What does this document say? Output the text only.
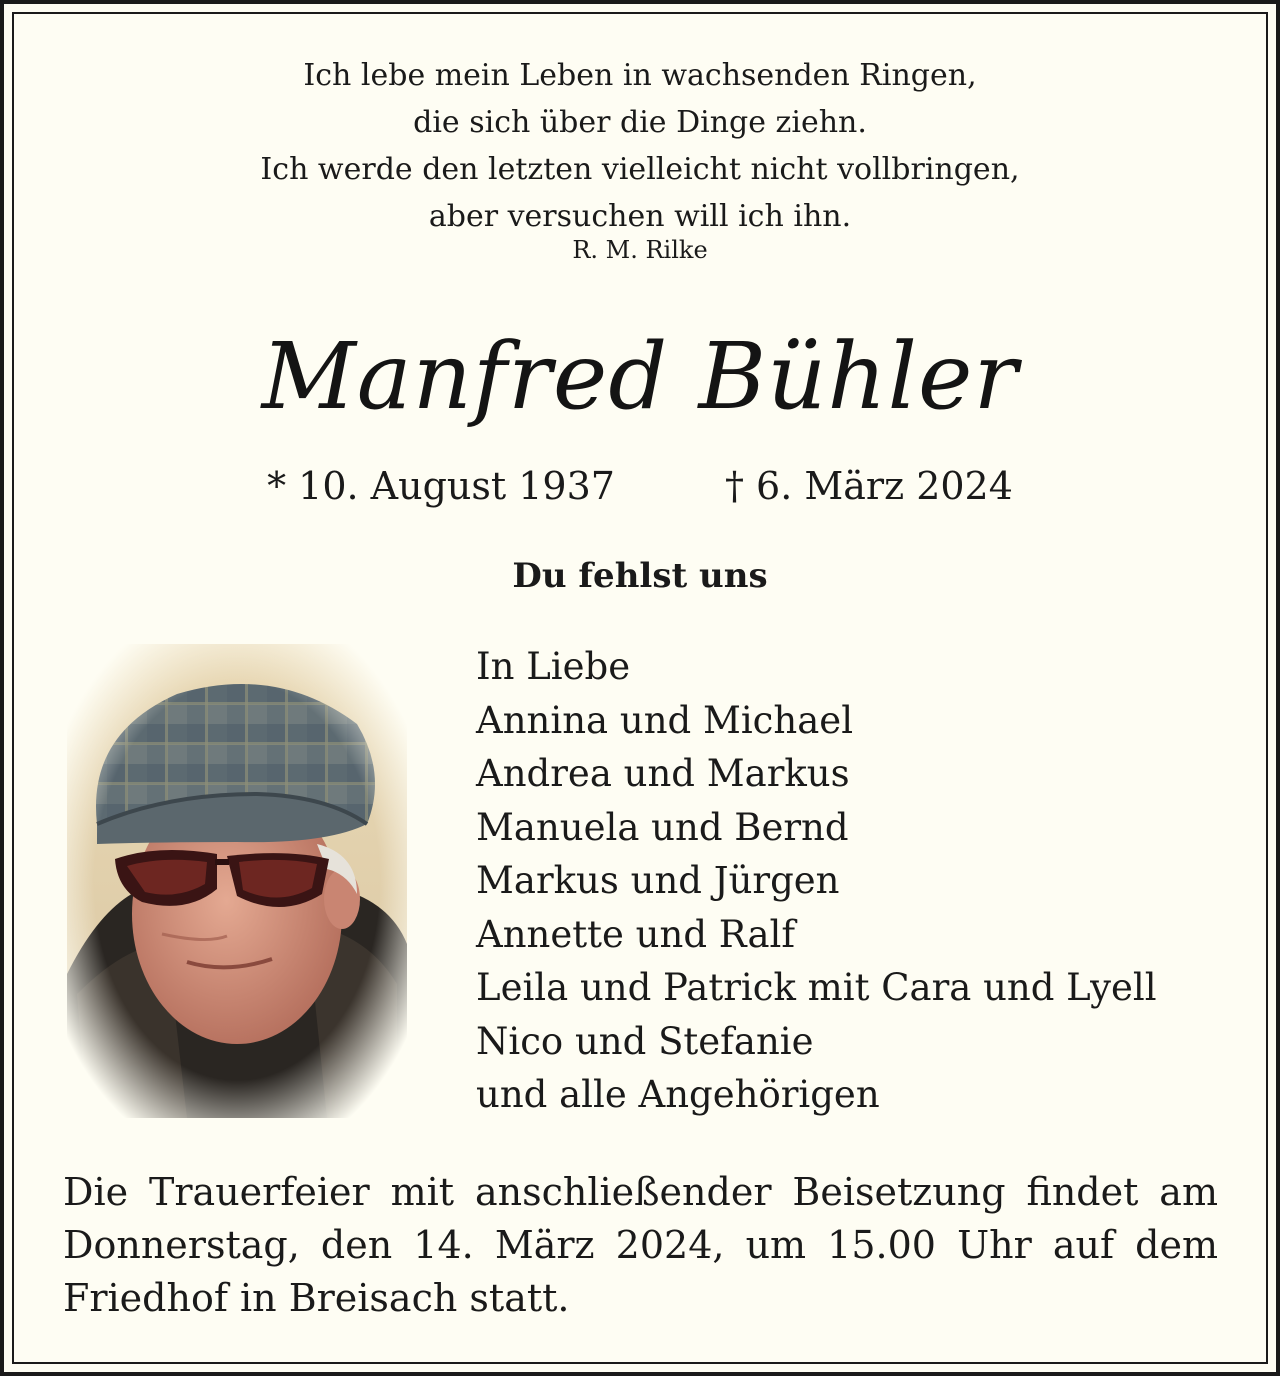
Ich lebe mein Leben in wachsenden Ringen,
die sich über die Dinge ziehn.
Ich werde den letzten vielleicht nicht vollbringen,
aber versuchen will ich ihn.
R. M. Rilke
Manfred Bühler
* 10. August 1937	† 6. März 2024
Du fehlst uns
In Liebe
Annina und Michael
Andrea und Markus
Manuela und Bernd
Markus und Jürgen
Annette und Ralf
Leila und Patrick mit Cara und Lyell
Nico und Stefanie
und alle Angehörigen
Die Trauerfeier mit anschließender Beisetzung findet am
Donnerstag, den 14. März 2024, um 15.00 Uhr auf dem
Friedhof in Breisach statt.
